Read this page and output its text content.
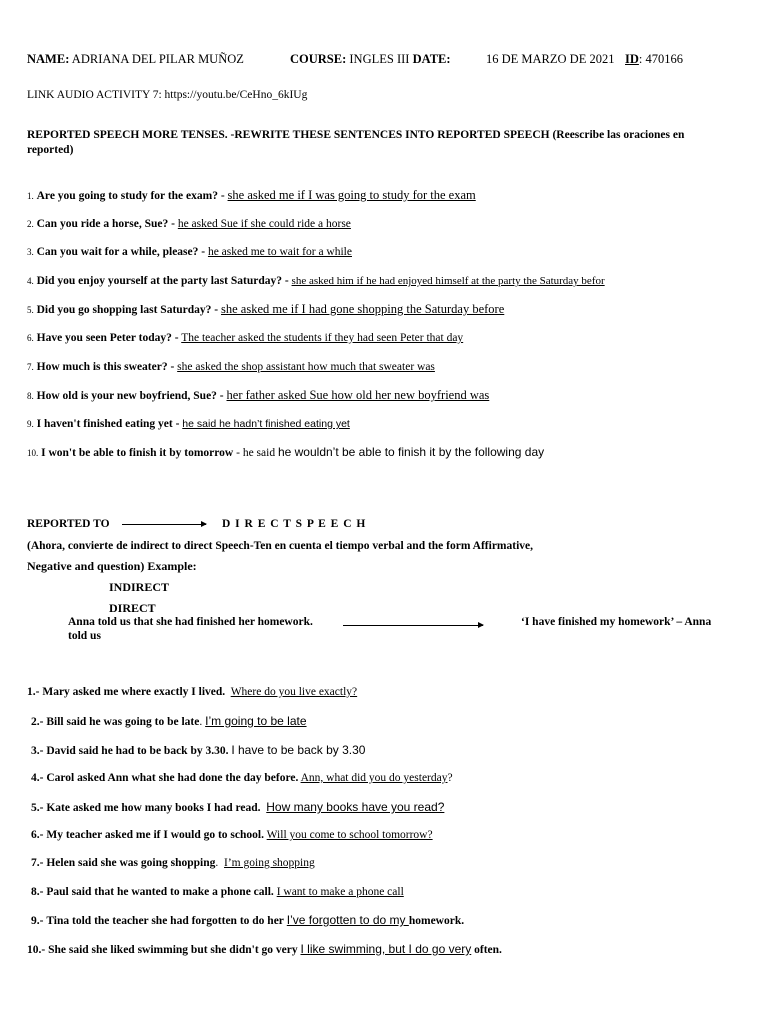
NAME: ADRIANA DEL PILAR MUÑOZ	COURSE: INGLES III DATE:	16 DE MARZO DE 2021 ID: 470166
LINK AUDIO ACTIVITY 7: https://youtu.be/CeHno_6kIUg
REPORTED SPEECH MORE TENSES. -REWRITE THESE SENTENCES INTO REPORTED SPEECH (Reescribe las oraciones en
reported)
1. Are you going to study for the exam? - she asked me if I was going to study for the exam
2. Can you ride a horse, Sue? - he asked Sue if she could ride a horse
3. Can you wait for a while, please? - he asked me to wait for a while
4. Did you enjoy yourself at the party last Saturday? - she asked him if he had enjoyed himself at the party the Saturday befor
5. Did you go shopping last Saturday? - she asked me if I had gone shopping the Saturday before
6. Have you seen Peter today? - The teacher asked the students if they had seen Peter that day
7. How much is this sweater? - she asked the shop assistant how much that sweater was
8. How old is your new boyfriend, Sue? - her father asked Sue how old her new boyfriend was
9. I haven't finished eating yet - he said he hadn’t finished eating yet
10. I won't be able to finish it by tomorrow - he said he wouldn’t be able to finish it by the following day
REPORTED TO	D I R E C T S P E E C H
(Ahora, convierte de indirect to direct Speech-Ten en cuenta el tiempo verbal and the form Affirmative,
Negative and question) Example:
INDIRECT
DIRECT
Anna told us that she had finished her homework.	‘I have finished my homework’ – Anna
told us
1.- Mary asked me where exactly I lived. Where do you live exactly?
2.- Bill said he was going to be late. I’m going to be late
3.- David said he had to be back by 3.30. I have to be back by 3.30
4.- Carol asked Ann what she had done the day before. Ann, what did you do yesterday?
5.- Kate asked me how many books I had read. How many books have you read?
6.- My teacher asked me if I would go to school. Will you come to school tomorrow?
7.- Helen said she was going shopping.  I’m going shopping
8.- Paul said that he wanted to make a phone call. I want to make a phone call
9.- Tina told the teacher she had forgotten to do her I’ve forgotten to do my homework.
10.- She said she liked swimming but she didn't go very I like swimming, but I do go very often.
